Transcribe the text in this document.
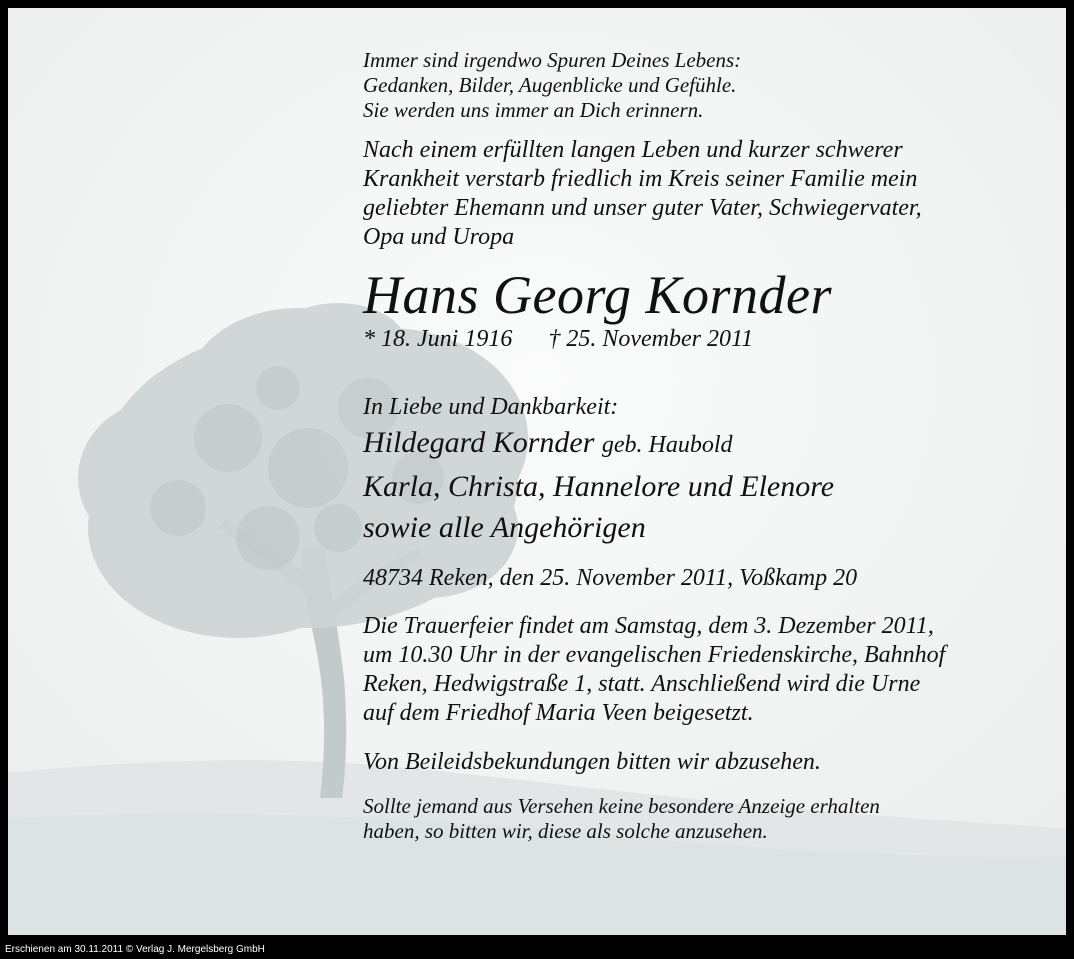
Immer sind irgendwo Spuren Deines Lebens:

Gedanken, Bilder, Augenblicke und Gefühle.

Sie werden uns immer an Dich erinnern.

Nach einem erfüllten langen Leben und kurzer schwerer

Krankheit verstarb friedlich im Kreis seiner Familie mein

geliebter Ehemann und unser guter Vater, Schwiegervater,

Opa und Uropa

Hans Georg Kornder

* 18. Juni 1916 † 25. November 2011

In Liebe und Dankbarkeit:

Hildegard Kornder geb. Haubold

Karla, Christa, Hannelore und Elenore

sowie alle Angehörigen

48734 Reken, den 25. November 2011, Voßkamp 20

Die Trauerfeier findet am Samstag, dem 3. Dezember 2011,

um 10.30 Uhr in der evangelischen Friedenskirche, Bahnhof

Reken, Hedwigstraße 1, statt. Anschließend wird die Urne

auf dem Friedhof Maria Veen beigesetzt.

Von Beileidsbekundungen bitten wir abzusehen.

Sollte jemand aus Versehen keine besondere Anzeige erhalten

haben, so bitten wir, diese als solche anzusehen.

Erschienen am 30.11.2011 © Verlag J. Mergelsberg GmbH
